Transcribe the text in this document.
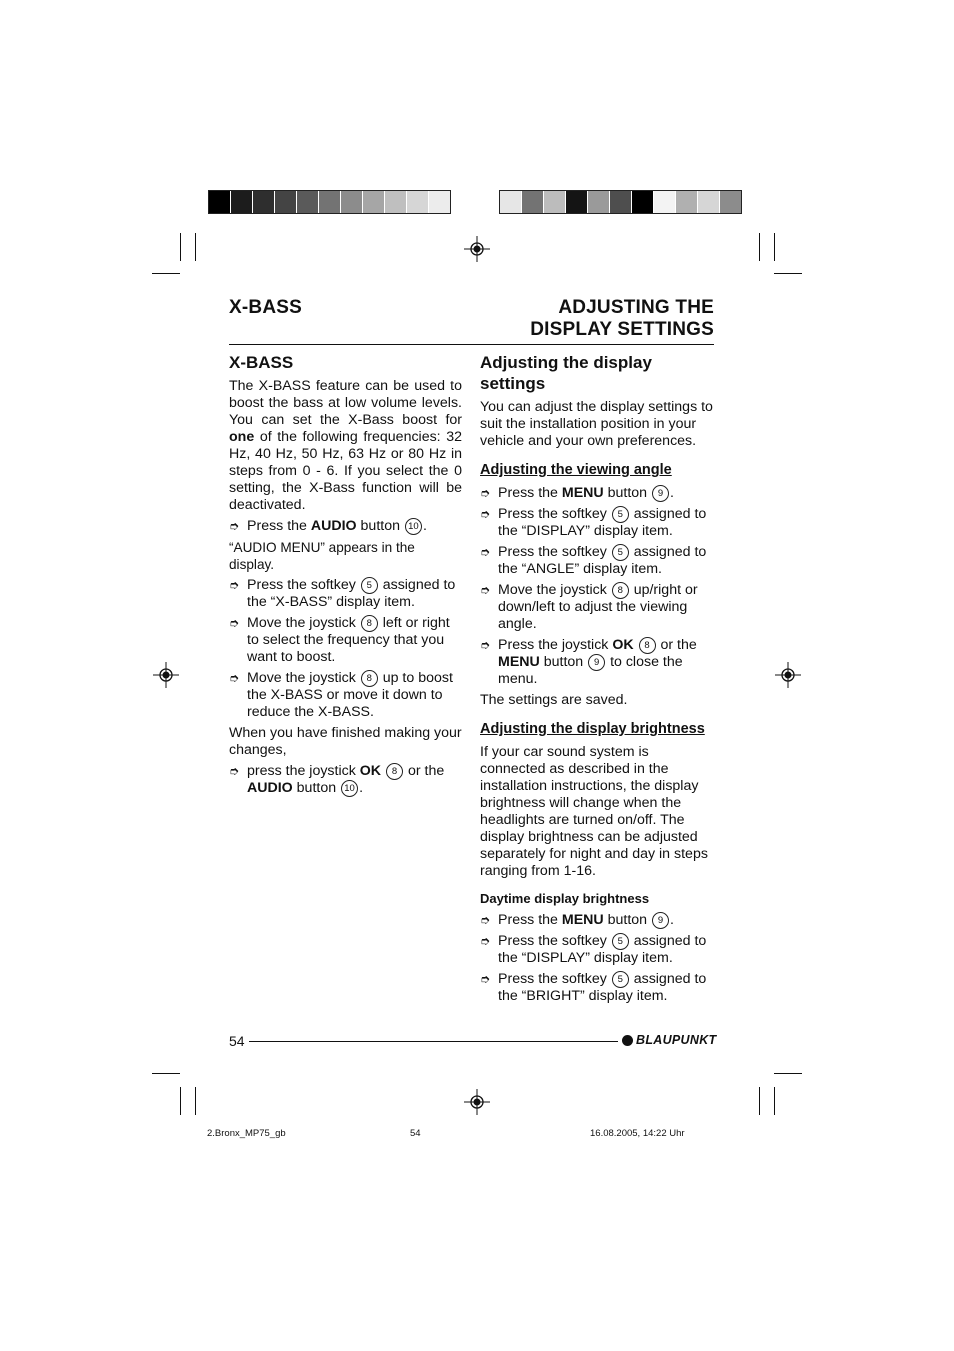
X-BASS	ADJUSTING THE
DISPLAY SETTINGS
X-BASS

The X-BASS feature can be used to boost the bass at low volume levels. You can set the X-Bass boost for one of the following frequencies: 32 Hz, 40 Hz, 50 Hz, 63 Hz or 80 Hz in steps from 0 - 6. If you select the 0 setting, the X-Bass function will be deactivated.

➮ Press the AUDIO button 10 .

“AUDIO MENU” appears in the display.

➮ Press the softkey 5 assigned to the “X-BASS” display item.
➮ Move the joystick 8 left or right to select the frequency that you want to boost.
➮ Move the joystick 8 up to boost the X-BASS or move it down to reduce the X-BASS.

When you have finished making your changes,

➮ press the joystick OK 8 or the AUDIO button 10 .
Adjusting the display settings

You can adjust the display settings to suit the installation position in your vehicle and your own preferences.

Adjusting the viewing angle
➮ Press the MENU button 9 .
➮ Press the softkey 5 assigned to the “DISPLAY” display item.
➮ Press the softkey 5 assigned to the “ANGLE” display item.
➮ Move the joystick 8 up/right or down/left to adjust the viewing angle.
➮ Press the joystick OK 8 or the MENU button 9 to close the menu.

The settings are saved.

Adjusting the display brightness

If your car sound system is connected as described in the installation instructions, the display brightness will change when the headlights are turned on/off. The display brightness can be adjusted separately for night and day in steps ranging from 1-16.

Daytime display brightness
➮ Press the MENU button 9 .
➮ Press the softkey 5 assigned to the “DISPLAY” display item.
➮ Press the softkey 5 assigned to the “BRIGHT” display item.
54	BLAUPUNKT
2.Bronx_MP75_gb	54	16.08.2005, 14:22 Uhr
